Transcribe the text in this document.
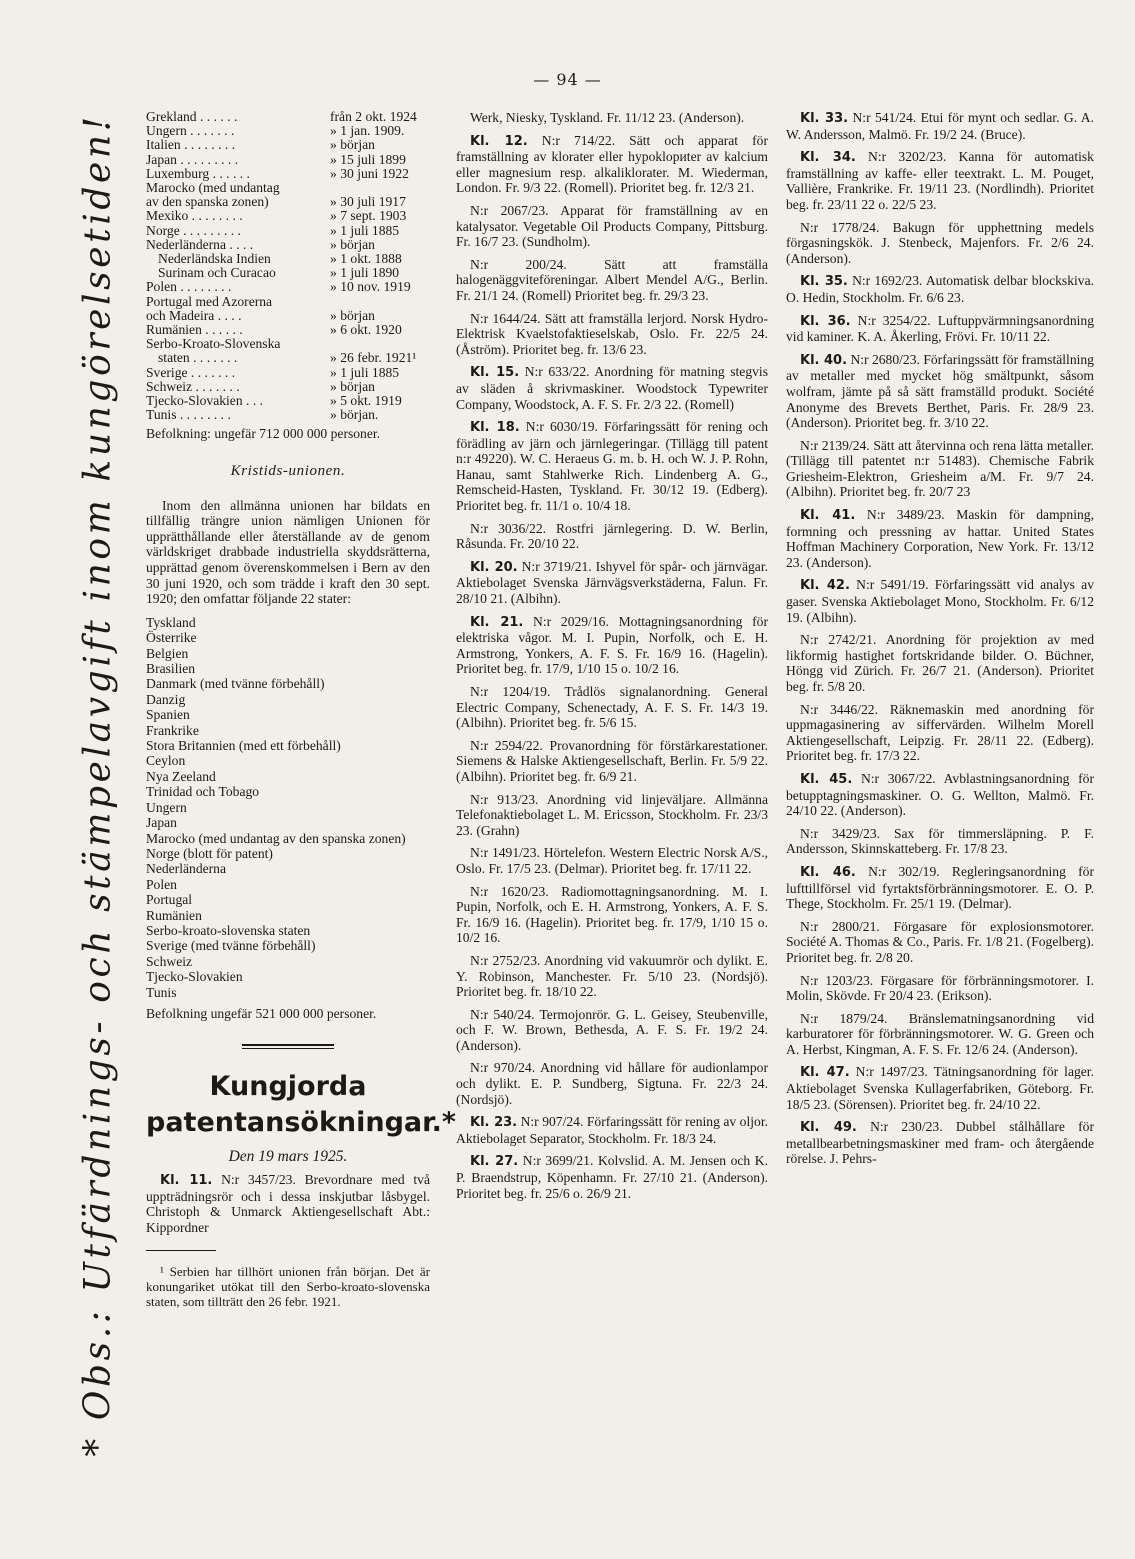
— 94 —
* Obs.: Utfärdnings- och stämpelavgift inom kungörelsetiden! Grekland . . . . . .	från 2 okt. 1924
Ungern . . . . . . .	» 1 jan. 1909.
Italien . . . . . . . .	» början
Japan . . . . . . . . .	» 15 juli 1899
Luxemburg . . . . . .	» 30 juni 1922
Marocko (med undantag	
av den spanska zonen)	» 30 juli 1917
Mexiko . . . . . . . .	» 7 sept. 1903
Norge . . . . . . . . .	» 1 juli 1885
Nederländerna . . . .	» början
Nederländska Indien	» 1 okt. 1888
Surinam och Curacao	» 1 juli 1890
Polen . . . . . . . .	» 10 nov. 1919
Portugal med Azorerna	
och Madeira . . . .	» början
Rumänien . . . . . .	» 6 okt. 1920
Serbo-Kroato-Slovenska	
staten . . . . . . .	» 26 febr. 1921¹
Sverige . . . . . . .	» 1 juli 1885
Schweiz . . . . . . .	» början
Tjecko-Slovakien . . .	» 5 okt. 1919
Tunis . . . . . . . .	» början.
Befolkning: ungefär 712 000 000 personer.
Kristids-unionen.

Inom den allmänna unionen har bildats en tillfällig trängre union nämligen Unionen för upprätthållande eller återställande av de genom världskriget drabbade industriella skyddsrätterna, upprättad genom överenskommelsen i Bern av den 30 juni 1920, och som trädde i kraft den 30 sept. 1920; den omfattar följande 22 stater:

Tyskland
Österrike
Belgien
Brasilien
Danmark (med tvänne förbehåll)
Danzig
Spanien
Frankrike
Stora Britannien (med ett förbehåll)
Ceylon
Nya Zeeland
Trinidad och Tobago
Ungern
Japan
Marocko (med undantag av den spanska zonen)
Norge (blott för patent)
Nederländerna
Polen
Portugal
Rumänien
Serbo-kroato-slovenska staten
Sverige (med tvänne förbehåll)
Schweiz
Tjecko-Slovakien
Tunis
Befolkning ungefär 521 000 000 personer.
Kungjorda patentansökningar.*
Den 19 mars 1925.

Kl. 11. N:r 3457/23. Brevordnare med två uppträdningsrör och i dessa inskjutbar låsbygel. Christoph & Unmarck Aktiengesellschaft Abt.: Kippordner

¹ Serbien har tillhört unionen från början. Det är konungariket utökat till den Serbo-kroato-slovenska staten, som tillträtt den 26 febr. 1921.

Werk, Niesky, Tyskland. Fr. 11/12 23. (Anderson).

Kl. 12. N:r 714/22. Sätt och apparat för framställning av klorater eller hypoklориter av kalcium eller magnesium resp. alkaliklorater. M. Wiederman, London. Fr. 9/3 22. (Romell). Prioritet beg. fr. 12/3 21.

N:r 2067/23. Apparat för framställning av en katalysator. Vegetable Oil Products Company, Pittsburg. Fr. 16/7 23. (Sundholm).

N:r 200/24. Sätt att framställa halogenäggviteföreningar. Albert Mendel A/G., Berlin. Fr. 21/1 24. (Romell) Prioritet beg. fr. 29/3 23.

N:r 1644/24. Sätt att framställa lerjord. Norsk Hydro-Elektrisk Kvaelstofaktieselskab, Oslo. Fr. 22/5 24. (Åström). Prioritet beg. fr. 13/6 23.

Kl. 15. N:r 633/22. Anordning för matning stegvis av släden å skrivmaskiner. Woodstock Typewriter Company, Woodstock, A. F. S. Fr. 2/3 22. (Romell)

Kl. 18. N:r 6030/19. Förfaringssätt för rening och förädling av järn och järnlegeringar. (Tillägg till patent n:r 49220). W. C. Heraeus G. m. b. H. och W. J. P. Rohn, Hanau, samt Stahlwerke Rich. Lindenberg A. G., Remscheid-Hasten, Tyskland. Fr. 30/12 19. (Edberg). Prioritet beg. fr. 11/1 o. 10/4 18.

N:r 3036/22. Rostfri järnlegering. D. W. Berlin, Råsunda. Fr. 20/10 22.

Kl. 20. N:r 3719/21. Ishyvel för spår- och järnvägar. Aktiebolaget Svenska Järnvägsverkstäderna, Falun. Fr. 28/10 21. (Albihn).

Kl. 21. N:r 2029/16. Mottagningsanordning för elektriska vågor. M. I. Pupin, Norfolk, och E. H. Armstrong, Yonkers, A. F. S. Fr. 16/9 16. (Hagelin). Prioritet beg. fr. 17/9, 1/10 15 o. 10/2 16.

N:r 1204/19. Trådlös signalanordning. General Electric Company, Schenectady, A. F. S. Fr. 14/3 19. (Albihn). Prioritet beg. fr. 5/6 15.

N:r 2594/22. Provanordning för förstärkarestationer. Siemens & Halske Aktiengesellschaft, Berlin. Fr. 5/9 22. (Albihn). Prioritet beg. fr. 6/9 21.

N:r 913/23. Anordning vid linjeväljare. Allmänna Telefonaktiebolaget L. M. Ericsson, Stockholm. Fr. 23/3 23. (Grahn)

N:r 1491/23. Hörtelefon. Western Electric Norsk A/S., Oslo. Fr. 17/5 23. (Delmar). Prioritet beg. fr. 17/11 22.

N:r 1620/23. Radiomottagningsanordning. M. I. Pupin, Norfolk, och E. H. Armstrong, Yonkers, A. F. S. Fr. 16/9 16. (Hagelin). Prioritet beg. fr. 17/9, 1/10 15 o. 10/2 16.

N:r 2752/23. Anordning vid vakuumrör och dylikt. E. Y. Robinson, Manchester. Fr. 5/10 23. (Nordsjö). Prioritet beg. fr. 18/10 22.

N:r 540/24. Termojonrör. G. L. Geisey, Steubenville, och F. W. Brown, Bethesda, A. F. S. Fr. 19/2 24. (Anderson).

N:r 970/24. Anordning vid hållare för audionlampor och dylikt. E. P. Sundberg, Sigtuna. Fr. 22/3 24. (Nordsjö).

Kl. 23. N:r 907/24. Förfaringssätt för rening av oljor. Aktiebolaget Separator, Stockholm. Fr. 18/3 24.

Kl. 27. N:r 3699/21. Kolvslid. A. M. Jensen och K. P. Braendstrup, Köpenhamn. Fr. 27/10 21. (Anderson). Prioritet beg. fr. 25/6 o. 26/9 21.

Kl. 33. N:r 541/24. Etui för mynt och sedlar. G. A. W. Andersson, Malmö. Fr. 19/2 24. (Bruce).

Kl. 34. N:r 3202/23. Kanna för automatisk framställning av kaffe- eller teextrakt. L. M. Pouget, Vallière, Frankrike. Fr. 19/11 23. (Nordlindh). Prioritet beg. fr. 23/11 22 o. 22/5 23.

N:r 1778/24. Bakugn för upphettning medels förgasningskök. J. Stenbeck, Majenfors. Fr. 2/6 24. (Anderson).

Kl. 35. N:r 1692/23. Automatisk delbar blockskiva. O. Hedin, Stockholm. Fr. 6/6 23.

Kl. 36. N:r 3254/22. Luftuppvärmningsanordning vid kaminer. K. A. Åkerling, Frövi. Fr. 10/11 22.

Kl. 40. N:r 2680/23. Förfaringssätt för framställning av metaller med mycket hög smältpunkt, såsom wolfram, jämte på så sätt framställd produkt. Société Anonyme des Brevets Berthet, Paris. Fr. 28/9 23. (Anderson). Prioritet beg. fr. 3/10 22.

N:r 2139/24. Sätt att återvinna och rena lätta metaller. (Tillägg till patentet n:r 51483). Chemische Fabrik Griesheim-Elektron, Griesheim a/M. Fr. 9/7 24. (Albihn). Prioritet beg. fr. 20/7 23

Kl. 41. N:r 3489/23. Maskin för dampning, formning och pressning av hattar. United States Hoffman Machinery Corporation, New York. Fr. 13/12 23. (Anderson).

Kl. 42. N:r 5491/19. Förfaringssätt vid analys av gaser. Svenska Aktiebolaget Mono, Stockholm. Fr. 6/12 19. (Albihn).

N:r 2742/21. Anordning för projektion av med likformig hastighet fortskridande bilder. O. Büchner, Höngg vid Zürich. Fr. 26/7 21. (Anderson). Prioritet beg. fr. 5/8 20.

N:r 3446/22. Räknemaskin med anordning för uppmagasinering av siffervärden. Wilhelm Morell Aktiengesellschaft, Leipzig. Fr. 28/11 22. (Edberg). Prioritet beg. fr. 17/3 22.

Kl. 45. N:r 3067/22. Avblastningsanordning för betupptagningsmaskiner. O. G. Wellton, Malmö. Fr. 24/10 22. (Anderson).

N:r 3429/23. Sax för timmersläpning. P. F. Andersson, Skinnskatteberg. Fr. 17/8 23.

Kl. 46. N:r 302/19. Regleringsanordning för lufttillförsel vid fyrtaktsförbränningsmotorer. E. O. P. Thege, Stockholm. Fr. 25/1 19. (Delmar).

N:r 2800/21. Förgasare för explosionsmotorer. Société A. Thomas & Co., Paris. Fr. 1/8 21. (Fogelberg). Prioritet beg. fr. 2/8 20.

N:r 1203/23. Förgasare för förbränningsmotorer. I. Molin, Skövde. Fr 20/4 23. (Erikson).

N:r 1879/24. Bränslematningsanordning vid karburatorer för förbränningsmotorer. W. G. Green och A. Herbst, Kingman, A. F. S. Fr. 12/6 24. (Anderson).

Kl. 47. N:r 1497/23. Tätningsanordning för lager. Aktiebolaget Svenska Kullagerfabriken, Göteborg. Fr. 18/5 23. (Sörensen). Prioritet beg. fr. 24/10 22.

Kl. 49. N:r 230/23. Dubbel stålhållare för metallbearbetningsmaskiner med fram- och återgående rörelse. J. Pehrs-
